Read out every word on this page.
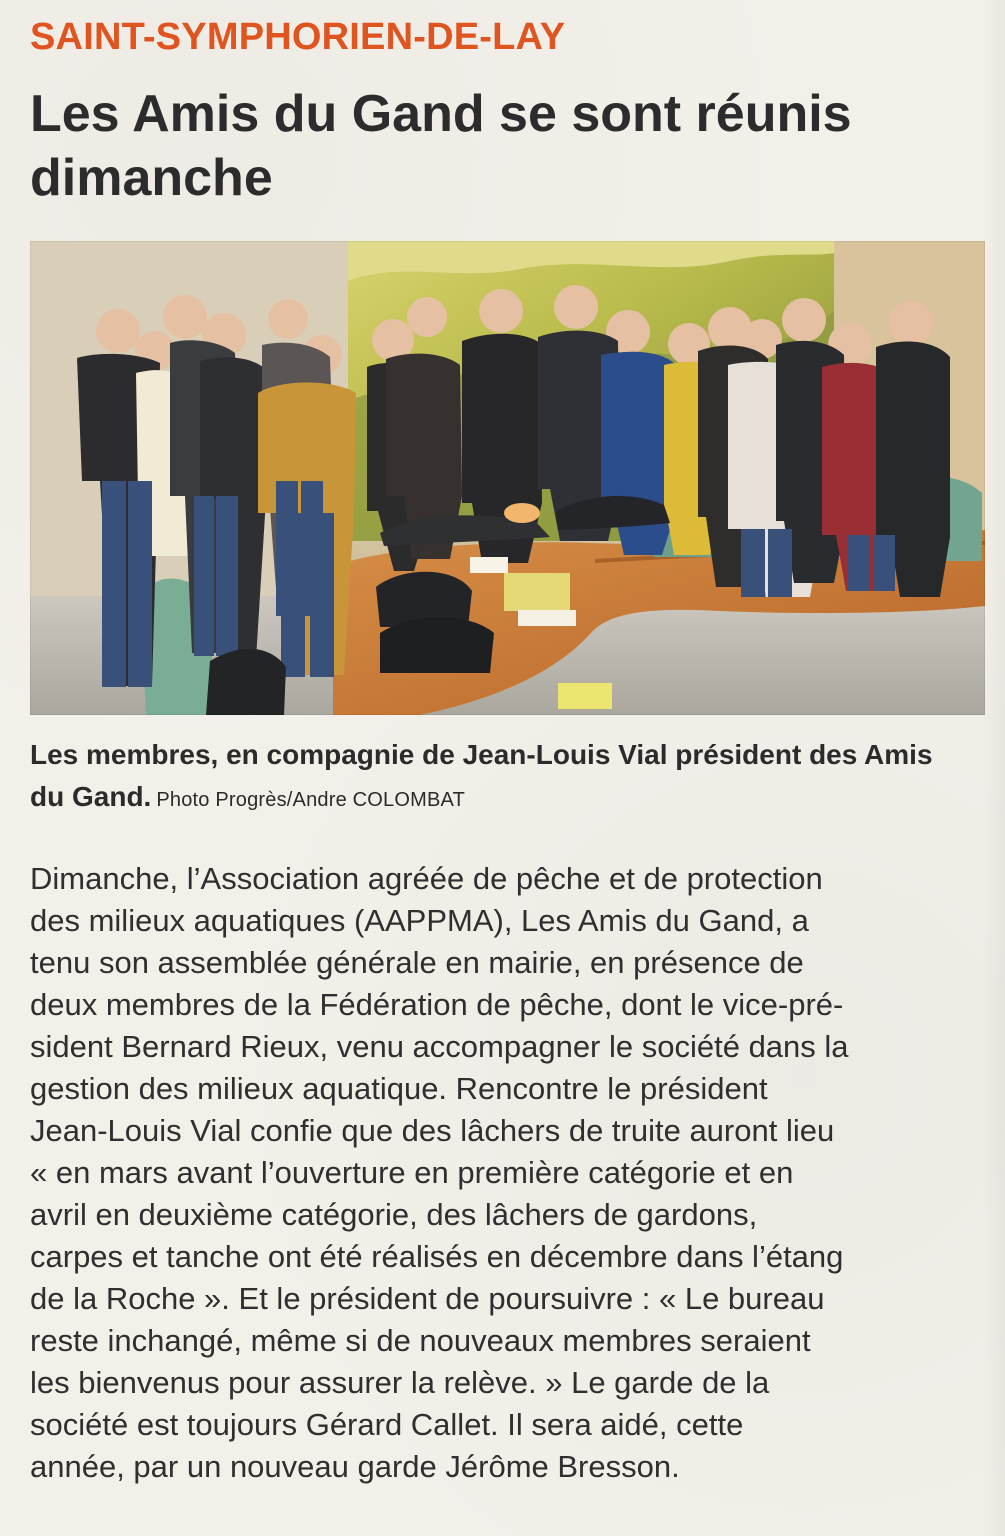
SAINT-SYMPHORIEN-DE-LAY
Les Amis du Gand se sont réunis dimanche
Les membres, en compagnie de Jean-Louis Vial président des Amis du Gand. Photo Progrès/Andre COLOMBAT
Dimanche, l’Association agréée de pêche et de protection
des milieux aquatiques (AAPPMA), Les Amis du Gand, a
tenu son assemblée générale en mairie, en présence de
deux membres de la Fédération de pêche, dont le vice-pré-
sident Bernard Rieux, venu accompagner le société dans la
gestion des milieux aquatique. Rencontre le président
Jean-Louis Vial confie que des lâchers de truite auront lieu
« en mars avant l’ouverture en première catégorie et en
avril en deuxième catégorie, des lâchers de gardons,
carpes et tanche ont été réalisés en décembre dans l’étang
de la Roche ». Et le président de poursuivre : « Le bureau
reste inchangé, même si de nouveaux membres seraient
les bienvenus pour assurer la relève. » Le garde de la
société est toujours Gérard Callet. Il sera aidé, cette
année, par un nouveau garde Jérôme Bresson.
